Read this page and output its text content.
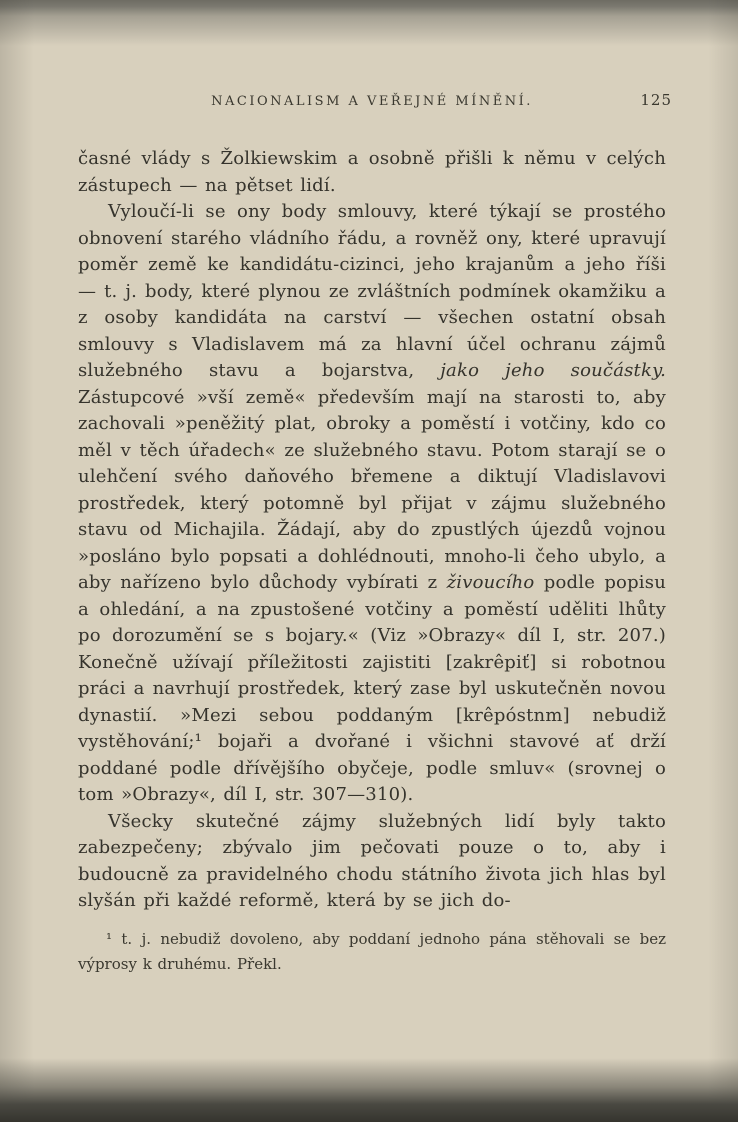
NACIONALISM A VEŘEJNÉ MÍNĚNÍ.	125

časné vlády s Žolkiewskim a osobně přišli k němu v celých zástupech — na pětset lidí.

Vyloučí-li se ony body smlouvy, které týkají se prostého obnovení starého vládního řádu, a rovněž ony, které upravují poměr země ke kandidátu-cizinci, jeho krajanům a jeho říši — t. j. body, které plynou ze zvláštních podmínek okamžiku a z osoby kandidáta na carství — všechen ostatní obsah smlouvy s Vladislavem má za hlavní účel ochranu zájmů služebného stavu a bojarstva, jako jeho součástky. Zástupcové »vší země« především mají na starosti to, aby zachovali »peněžitý plat, obroky a poměstí i votčiny, kdo co měl v těch úřadech« ze služebného stavu. Potom starají se o ulehčení svého daňového břemene a diktují Vladislavovi prostředek, který potomně byl přijat v zájmu služebného stavu od Michajila. Žádají, aby do zpustlých újezdů vojnou »posláno bylo popsati a dohlédnouti, mnoho-li čeho ubylo, a aby nařízeno bylo důchody vybírati z živoucího podle popisu a ohledání, a na zpustošené votčiny a poměstí uděliti lhůty po dorozumění se s bojary.« (Viz »Obrazy« díl I, str. 207.) Konečně užívají příležitosti zajistiti [zakrêpiť] si robotnou práci a navrhují prostředek, který zase byl uskutečněn novou dynastií. »Mezi sebou poddaným [krêpóstnm] nebudiž vystěhování;¹ bojaři a dvořané i všichni stavové ať drží poddané podle dřívějšího obyčeje, podle smluv« (srovnej o tom »Obrazy«, díl I, str. 307—310).

Všecky skutečné zájmy služebných lidí byly takto zabezpečeny; zbývalo jim pečovati pouze o to, aby i budoucně za pravidelného chodu státního života jich hlas byl slyšán při každé reformě, která by se jich do-

¹ t. j. nebudiž dovoleno, aby poddaní jednoho pána stěhovali se bez výprosy k druhému. Překl.
